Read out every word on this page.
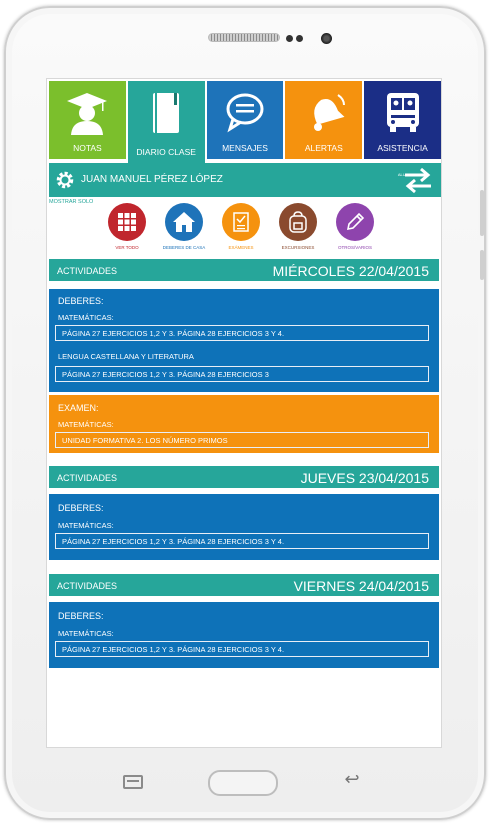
NOTAS	DIARIO CLASE	MENSAJES	ALERTAS	ASISTENCIA
JUAN MANUEL PÉREZ LÓPEZ	ALUMNO
MOSTRAR SOLO
VER TODO	DEBERES DE CASA	EXÁMENES	EXCURSIONES	OTROS/VARIOS
ACTIVIDADES	MIÉRCOLES 22/04/2015
DEBERES:
MATEMÁTICAS:
PÁGINA 27 EJERCICIOS 1,2 Y 3. PÁGINA 28 EJERCICIOS 3 Y 4.
LENGUA CASTELLANA Y LITERATURA
PÁGINA 27 EJERCICIOS 1,2 Y 3. PÁGINA 28 EJERCICIOS 3
EXAMEN:
MATEMÁTICAS:
UNIDAD FORMATIVA 2. LOS NÚMERO PRIMOS
ACTIVIDADES	JUEVES 23/04/2015
DEBERES:
MATEMÁTICAS:
PÁGINA 27 EJERCICIOS 1,2 Y 3. PÁGINA 28 EJERCICIOS 3 Y 4.
ACTIVIDADES	VIERNES 24/04/2015
DEBERES:
MATEMÁTICAS:
PÁGINA 27 EJERCICIOS 1,2 Y 3. PÁGINA 28 EJERCICIOS 3 Y 4.
↩
